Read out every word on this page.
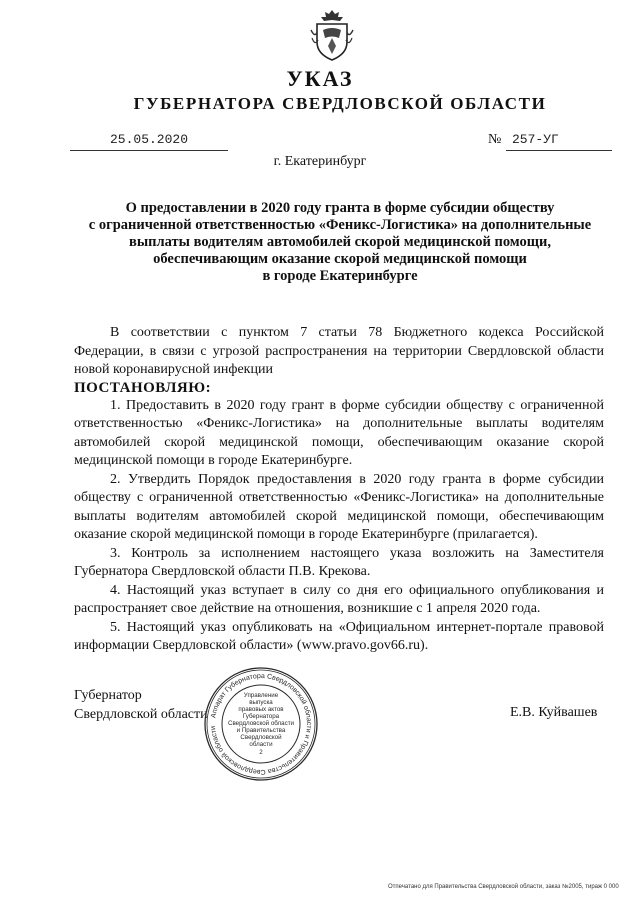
УКАЗ
ГУБЕРНАТОРА СВЕРДЛОВСКОЙ ОБЛАСТИ
25.05.2020	№ 257-УГ
г. Екатеринбург
О предоставлении в 2020 году гранта в форме субсидии обществу
с ограниченной ответственностью «Феникс-Логистика» на дополнительные
выплаты водителям автомобилей скорой медицинской помощи,
обеспечивающим оказание скорой медицинской помощи
в городе Екатеринбурге

В соответствии с пунктом 7 статьи 78 Бюджетного кодекса Российской Федерации, в связи с угрозой распространения на территории Свердловской области новой коронавирусной инфекции

ПОСТАНОВЛЯЮ:

1. Предоставить в 2020 году грант в форме субсидии обществу с ограниченной ответственностью «Феникс-Логистика» на дополнительные выплаты водителям автомобилей скорой медицинской помощи, обеспечивающим оказание скорой медицинской помощи в городе Екатеринбурге.

2. Утвердить Порядок предоставления в 2020 году гранта в форме субсидии обществу с ограниченной ответственностью «Феникс-Логистика» на дополнительные выплаты водителям автомобилей скорой медицинской помощи, обеспечивающим оказание скорой медицинской помощи в городе Екатеринбурге (прилагается).

3. Контроль за исполнением настоящего указа возложить на Заместителя Губернатора Свердловской области П.В. Крекова.

4. Настоящий указ вступает в силу со дня его официального опубликования и распространяет свое действие на отношения, возникшие с 1 апреля 2020 года.

5. Настоящий указ опубликовать на «Официальном интернет-портале правовой информации Свердловской области» (www.pravo.gov66.ru).

Губернатор
Свердловской области	Е.В. Куйвашев
Аппарат Губернатора Свердловской области и Правительства Свердловской области
Управление
выпуска
правовых актов
Губернатора
Свердловской области
и Правительства
Свердловской
области
2
Отпечатано для Правительства Свердловской области, заказ №2005, тираж 0 000
